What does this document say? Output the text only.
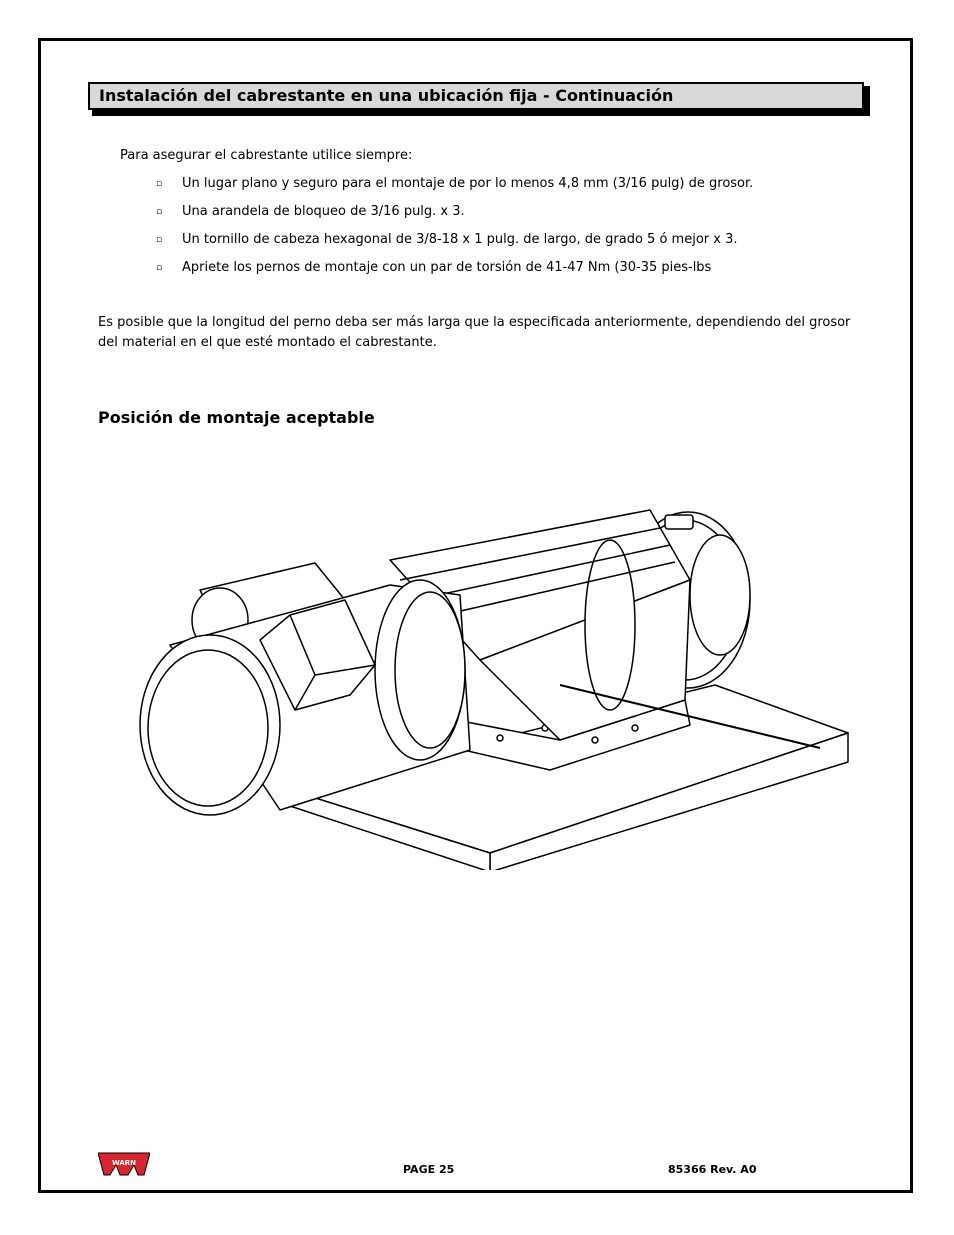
Instalación del cabrestante en una ubicación fija - Continuación
Para asegurar el cabrestante utilice siempre:
▫ Un lugar plano y seguro para el montaje de por lo menos 4,8 mm (3/16 pulg) de grosor.
▫ Una arandela de bloqueo de 3/16 pulg. x 3.
▫ Un tornillo de cabeza hexagonal de 3/8-18 x 1 pulg. de largo, de grado 5 ó mejor x 3.
▫ Apriete los pernos de montaje con un par de torsión de 41-47 Nm (30-35 pies-lbs
Es posible que la longitud del perno deba ser más larga que la especificada anteriormente, dependiendo del grosor del material en el que esté montado el cabrestante.
Posición de montaje aceptable
WARN	PAGE 25	85366 Rev. A0
